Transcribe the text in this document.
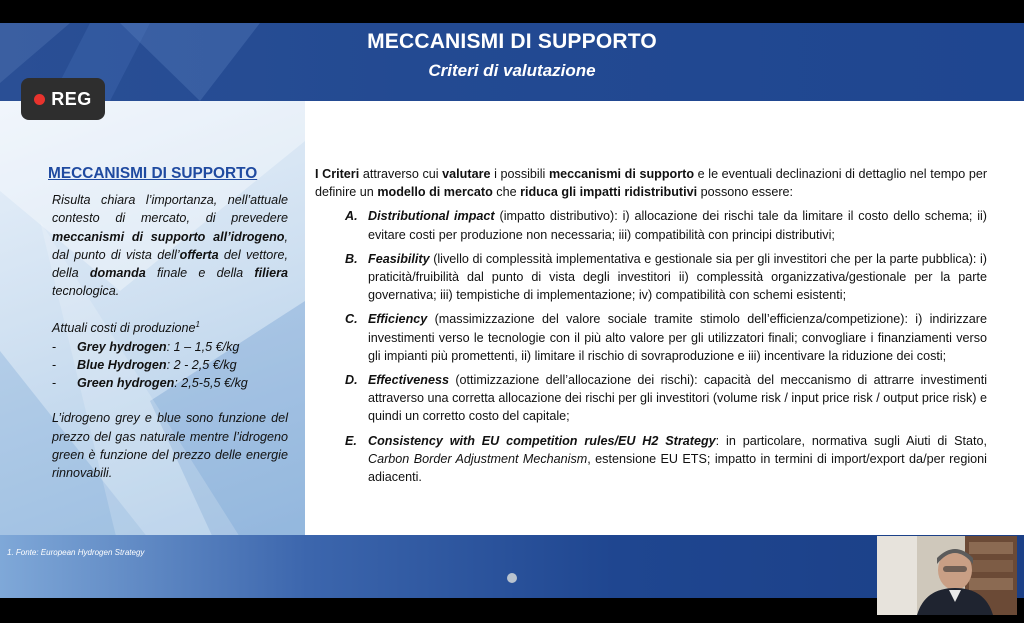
MECCANISMI DI SUPPORTO
Criteri di valutazione
1. Fonte: European Hydrogen Strategy
MECCANISMI DI SUPPORTO

Risulta chiara l’importanza, nell’attuale contesto di mercato, di prevedere meccanismi di supporto all’idrogeno, dal punto di vista dell’offerta del vettore, della domanda finale e della filiera tecnologica.

Attuali costi di produzione$^1$

-	Grey hydrogen: 1 – 1,5 €/kg
-	Blue Hydrogen: 2 - 2,5 €/kg
-	Green hydrogen: 2,5-5,5 €/kg

L’idrogeno grey e blue sono funzione del prezzo del gas naturale mentre l’idrogeno green è funzione del prezzo delle energie rinnovabili.

I Criteri attraverso cui valutare i possibili meccanismi di supporto e le eventuali declinazioni di dettaglio nel tempo per definire un modello di mercato che riduca gli impatti ridistributivi possono essere:

A. Distributional impact (impatto distributivo): i) allocazione dei rischi tale da limitare il costo dello schema; ii) evitare costi per produzione non necessaria; iii) compatibilità con principi distributivi;
B. Feasibility (livello di complessità implementativa e gestionale sia per gli investitori che per la parte pubblica): i) praticità/fruibilità dal punto di vista degli investitori ii) complessità organizzativa/gestionale per la parte governativa; iii) tempistiche di implementazione; iv) compatibilità con schemi esistenti;
C. Efficiency (massimizzazione del valore sociale tramite stimolo dell’efficienza/competizione): i) indirizzare investimenti verso le tecnologie con il più alto valore per gli utilizzatori finali; convogliare i finanziamenti verso gli impianti più promettenti, ii) limitare il rischio di sovraproduzione e iii) incentivare la riduzione dei costi;
D. Effectiveness (ottimizzazione dell’allocazione dei rischi): capacità del meccanismo di attrarre investimenti attraverso una corretta allocazione dei rischi per gli investitori (volume risk / input price risk / output price risk) e quindi un corretto costo del capitale;
E. Consistency with EU competition rules/EU H2 Strategy: in particolare, normativa sugli Aiuti di Stato, Carbon Border Adjustment Mechanism, estensione EU ETS; impatto in termini di import/export da/per regioni adiacenti.
REG
